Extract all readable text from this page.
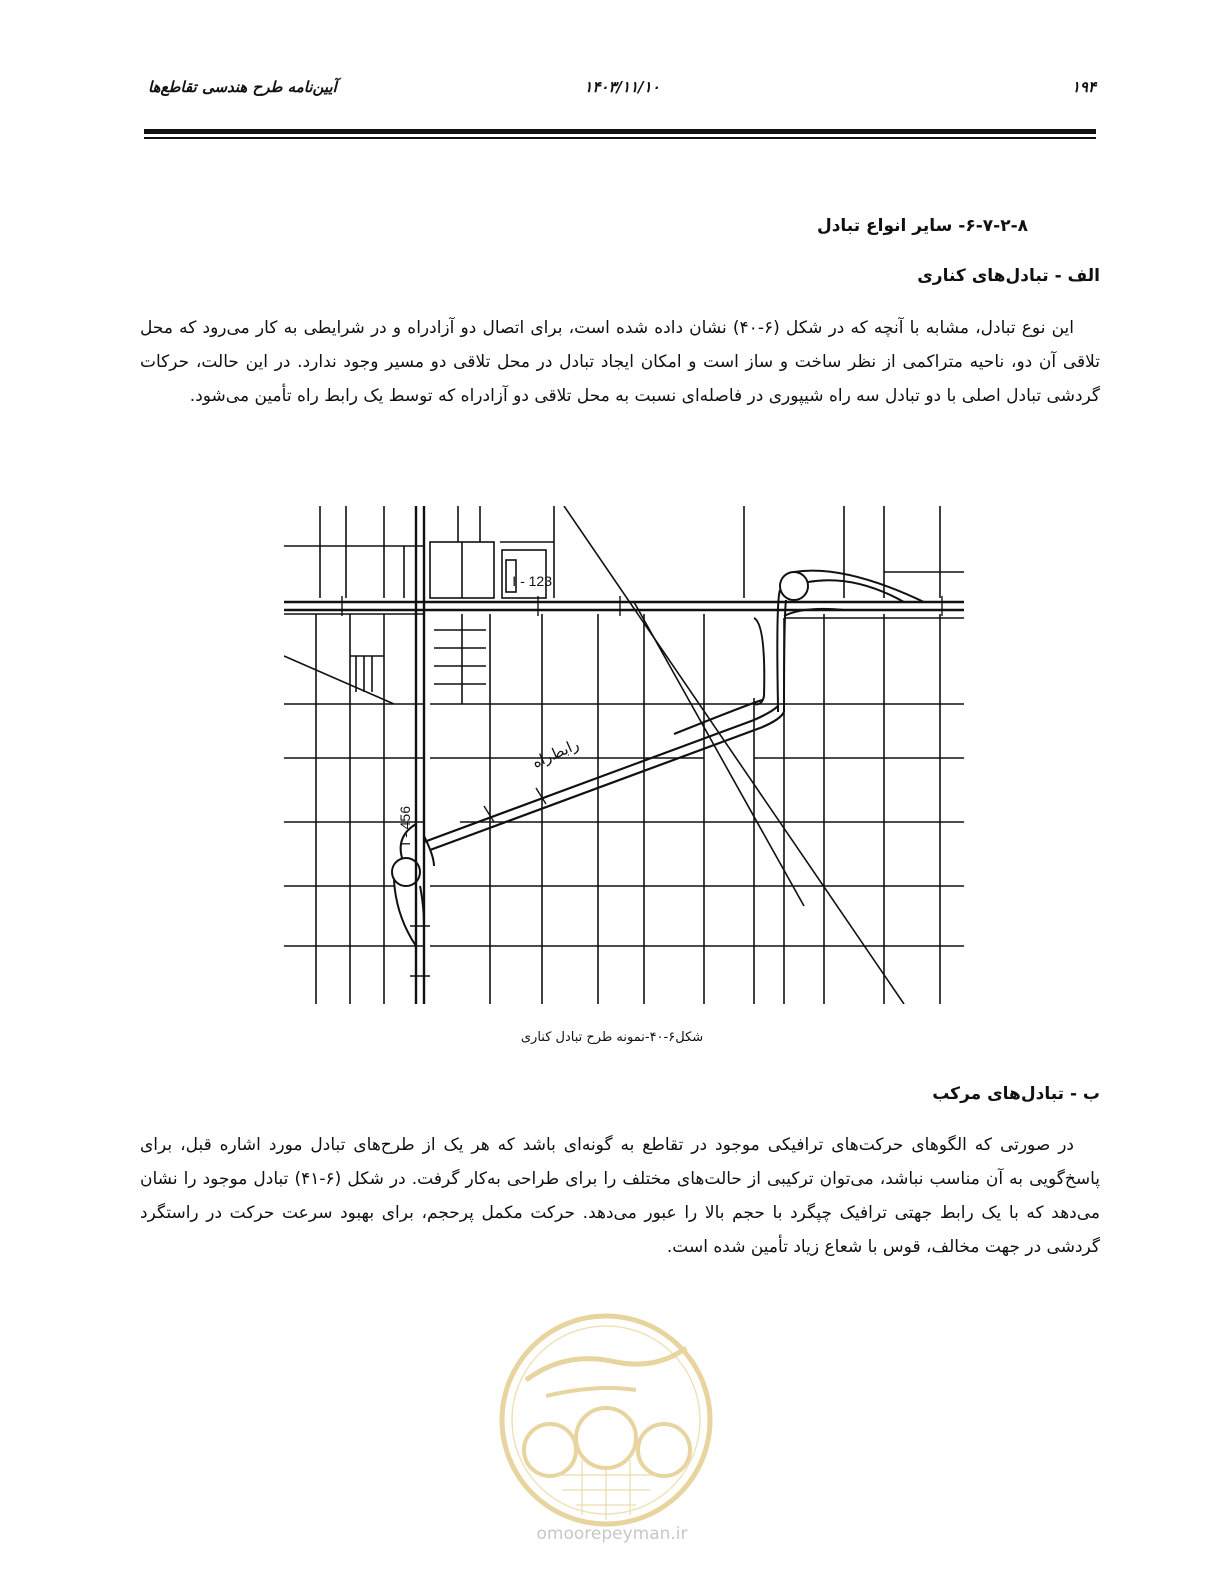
۱۹۴
۱۴۰۳/۱۱/۱۰
آیین‌نامه طرح هندسی تقاطع‌ها
۶-۷-۲-۸- سایر انواع تبادل
الف - تبادل‌های کناری

این نوع تبادل، مشابه با آنچه که در شکل (۶-۴۰) نشان داده شده است، برای اتصال دو آزادراه و در شرایطی به کار می‌رود که محل تلاقی آن دو، ناحیه متراکمی از نظر ساخت و ساز است و امکان ایجاد تبادل در محل تلاقی دو مسیر وجود ندارد. در این حالت، حرکات گردشی تبادل اصلی با دو تبادل سه راه شیپوری در فاصله‌ای نسبت به محل تلاقی دو آزادراه که توسط یک رابط راه تأمین می‌شود.

I - 123
I - 456
رابط‌راه
شکل۶-۴۰-نمونه طرح تبادل کناری
ب - تبادل‌های مرکب

در صورتی که الگوهای حرکت‌های ترافیکی موجود در تقاطع به گونه‌ای باشد که هر یک از طرح‌های تبادل مورد اشاره قبل، برای پاسخ‌گویی به آن مناسب نباشد، می‌توان ترکیبی از حالت‌های مختلف را برای طراحی به‌کار گرفت. در شکل (۶-۴۱) تبادل موجود را نشان می‌دهد که با یک رابط جهتی ترافیک چپگرد با حجم بالا را عبور می‌دهد. حرکت مکمل پرحجم، برای بهبود سرعت حرکت در راستگرد گردشی در جهت مخالف، قوس با شعاع زیاد تأمین شده است.

omoorepeyman.ir
